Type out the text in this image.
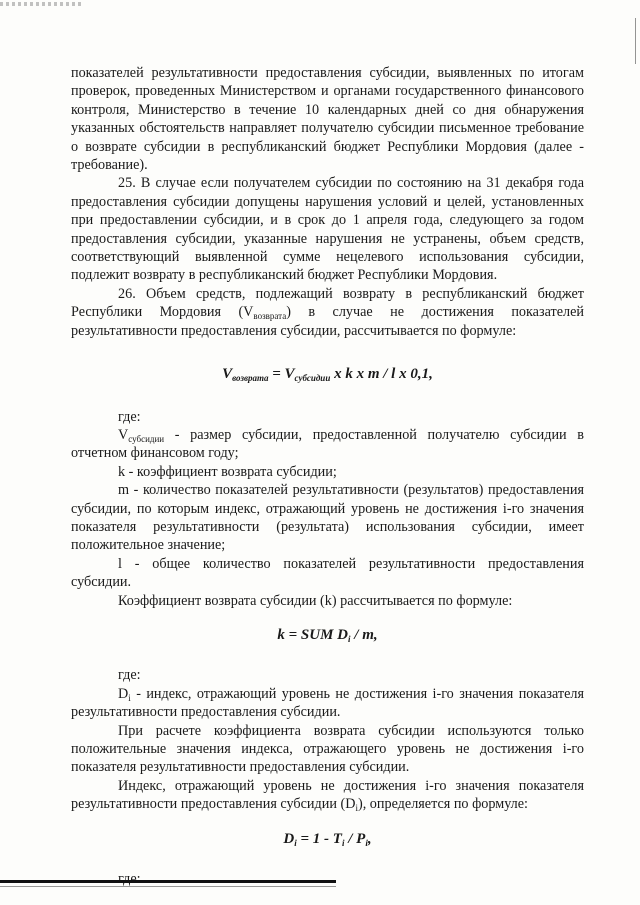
показателей результативности предоставления субсидии, выявленных по итогам проверок, проведенных Министерством и органами государственного финансового контроля, Министерство в течение 10 календарных дней со дня обнаружения указанных обстоятельств направляет получателю субсидии письменное требование о возврате субсидии в республиканский бюджет Республики Мордовия (далее - требование).

25. В случае если получателем субсидии по состоянию на 31 декабря года предоставления субсидии допущены нарушения условий и целей, установленных при предоставлении субсидии, и в срок до 1 апреля года, следующего за годом предоставления субсидии, указанные нарушения не устранены, объем средств, соответствующий выявленной сумме нецелевого использования субсидии, подлежит возврату в республиканский бюджет Республики Мордовия.

26. Объем средств, подлежащий возврату в республиканский бюджет Республики Мордовия $(V_{возврата})$ в случае не достижения показателей результативности предоставления субсидии, рассчитывается по формуле:

$V_{возврата} = V_{субсидии}$ x k x m / l x 0,1,

где:

$V_{субсидии}$ - размер субсидии, предоставленной получателю субсидии в отчетном финансовом году;

k - коэффициент возврата субсидии;

m - количество показателей результативности (результатов) предоставления субсидии, по которым индекс, отражающий уровень не достижения i-го значения показателя результативности (результата) использования субсидии, имеет положительное значение;

l - общее количество показателей результативности предоставления субсидии.

Коэффициент возврата субсидии (k) рассчитывается по формуле:

k = SUM $D_i$ / m,

где:

$D_i$ - индекс, отражающий уровень не достижения i-го значения показателя результативности предоставления субсидии.

При расчете коэффициента возврата субсидии используются только положительные значения индекса, отражающего уровень не достижения i-го показателя результативности предоставления субсидии.

Индекс, отражающий уровень не достижения i-го значения показателя результативности предоставления субсидии $(D_i)$, определяется по формуле:

$D_i = 1 - T_i / P_i$,
